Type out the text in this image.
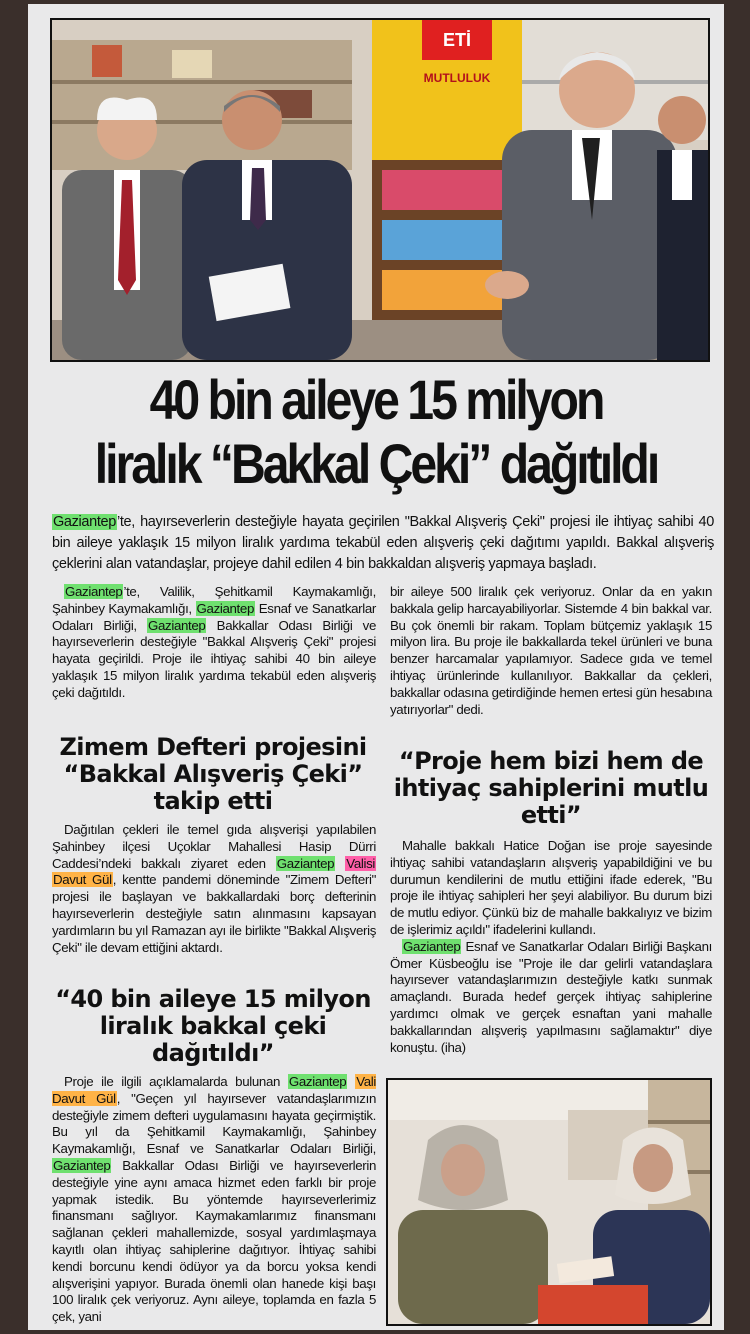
ETİ
MUTLULUK
40 bin aileye 15 milyon
liralık “Bakkal Çeki” dağıtıldı
Gaziantep’te, hayırseverlerin desteğiyle hayata geçirilen "Bakkal Alışveriş Çeki" projesi ile ihtiyaç sahibi 40 bin aileye yaklaşık 15 milyon liralık yardıma tekabül eden alışveriş çeki dağıtımı yapıldı. Bakkal alışveriş çeklerini alan vatandaşlar, projeye dahil edilen 4 bin bakkaldan alışveriş yapmaya başladı.

Gaziantep’te, Valilik, Şehitkamil Kaymakamlığı, Şahinbey Kaymakamlığı, Gaziantep Esnaf ve Sanatkarlar Odaları Birliği, Gaziantep Bakkallar Odası Birliği ve hayırseverlerin desteğiyle "Bakkal Alışveriş Çeki" projesi hayata geçirildi. Proje ile ihtiyaç sahibi 40 bin aileye yaklaşık 15 milyon liralık yardıma tekabül eden alışveriş çeki dağıtıldı.

Zimem Defteri projesini “Bakkal Alışveriş Çeki” takip etti

Dağıtılan çekleri ile temel gıda alışverişi yapılabilen Şahinbey ilçesi Uçoklar Mahallesi Hasip Dürri Caddesi’ndeki bakkalı ziyaret eden Gaziantep Valisi Davut Gül, kentte pandemi döneminde "Zimem Defteri" projesi ile başlayan ve bakkallardaki borç defterinin hayırseverlerin desteğiyle satın alınmasını kapsayan yardımların bu yıl Ramazan ayı ile birlikte "Bakkal Alışveriş Çeki" ile devam ettiğini aktardı.

“40 bin aileye 15 milyon liralık bakkal çeki dağıtıldı”

Proje ile ilgili açıklamalarda bulunan Gaziantep Vali Davut Gül, "Geçen yıl hayırsever vatandaşlarımızın desteğiyle zimem defteri uygulamasını hayata geçirmiştik. Bu yıl da Şehitkamil Kaymakamlığı, Şahinbey Kaymakamlığı, Esnaf ve Sanatkarlar Odaları Birliği, Gaziantep Bakkallar Odası Birliği ve hayırseverlerin desteğiyle yine aynı amaca hizmet eden farklı bir proje yapmak istedik. Bu yöntemde hayırseverlerimiz finansmanı sağlıyor. Kaymakamlarımız finansmanı sağlanan çekleri mahallemizde, sosyal yardımlaşmaya kayıtlı olan ihtiyaç sahiplerine dağıtıyor. İhtiyaç sahibi kendi borcunu kendi ödüyor ya da borcu yoksa kendi alışverişini yapıyor. Burada önemli olan hanede kişi başı 100 liralık çek veriyoruz. Aynı aileye, toplamda en fazla 5 çek, yani

bir aileye 500 liralık çek veriyoruz. Onlar da en yakın bakkala gelip harcayabiliyorlar. Sistemde 4 bin bakkal var. Bu çok önemli bir rakam. Toplam bütçemiz yaklaşık 15 milyon lira. Bu proje ile bakkallarda tekel ürünleri ve buna benzer harcamalar yapılamıyor. Sadece gıda ve temel ihtiyaç ürünlerinde kullanılıyor. Bakkallar da çekleri, bakkallar odasına getirdiğinde hemen ertesi gün hesabına yatırıyorlar" dedi.

“Proje hem bizi hem de ihtiyaç sahiplerini mutlu etti”

Mahalle bakkalı Hatice Doğan ise proje sayesinde ihtiyaç sahibi vatandaşların alışveriş yapabildiğini ve bu durumun kendilerini de mutlu ettiğini ifade ederek, "Bu proje ile ihtiyaç sahipleri her şeyi alabiliyor. Bu durum bizi de mutlu ediyor. Çünkü biz de mahalle bakkalıyız ve bizim de işlerimiz açıldı" ifadelerini kullandı.

Gaziantep Esnaf ve Sanatkarlar Odaları Birliği Başkanı Ömer Küsbeoğlu ise "Proje ile dar gelirli vatandaşlara hayırsever vatandaşlarımızın desteğiyle katkı sunmak amaçlandı. Burada hedef gerçek ihtiyaç sahiplerine yardımcı olmak ve gerçek esnaftan yani mahalle bakkallarından alışveriş yapılmasını sağlamaktır" diye konuştu. (iha)
